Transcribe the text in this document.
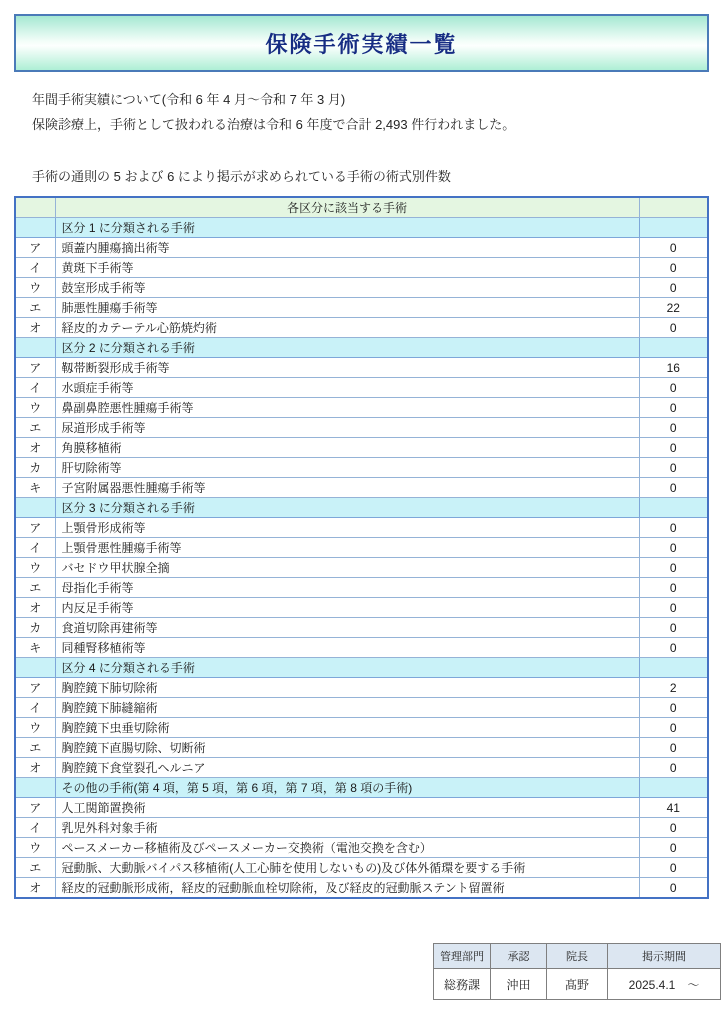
保険手術実績一覧
年間手術実績について(令和 6 年 4 月～令和 7 年 3 月)
保険診療上，手術として扱われる治療は令和 6 年度で合計 2,493 件行われました。
手術の通則の 5 および 6 により掲示が求められている手術の術式別件数
	各区分に該当する手術	
	区分 1 に分類される手術	
ア	頭蓋内腫瘍摘出術等	0
イ	黄斑下手術等	0
ウ	鼓室形成手術等	0
エ	肺悪性腫瘍手術等	22
オ	経皮的カテーテル心筋焼灼術	0
	区分 2 に分類される手術	
ア	靱帯断裂形成手術等	16
イ	水頭症手術等	0
ウ	鼻副鼻腔悪性腫瘍手術等	0
エ	尿道形成手術等	0
オ	角膜移植術	0
カ	肝切除術等	0
キ	子宮附属器悪性腫瘍手術等	0
	区分 3 に分類される手術	
ア	上顎骨形成術等	0
イ	上顎骨悪性腫瘍手術等	0
ウ	バセドウ甲状腺全摘	0
エ	母指化手術等	0
オ	内反足手術等	0
カ	食道切除再建術等	0
キ	同種腎移植術等	0
	区分 4 に分類される手術	
ア	胸腔鏡下肺切除術	2
イ	胸腔鏡下肺縫縮術	0
ウ	胸腔鏡下虫垂切除術	0
エ	胸腔鏡下直腸切除、切断術	0
オ	胸腔鏡下食堂裂孔ヘルニア	0
	その他の手術(第 4 項，第 5 項，第 6 項，第 7 項，第 8 項の手術)	
ア	人工関節置換術	41
イ	乳児外科対象手術	0
ウ	ペースメーカー移植術及びペースメーカー交換術（電池交換を含む）	0
エ	冠動脈、大動脈バイパス移植術(人工心肺を使用しないもの)及び体外循環を要する手術	0
オ	経皮的冠動脈形成術，経皮的冠動脈血栓切除術，及び経皮的冠動脈ステント留置術	0
管理部門	承認	院長	掲示期間
総務課	沖田	髙野	2025.4.1　～
